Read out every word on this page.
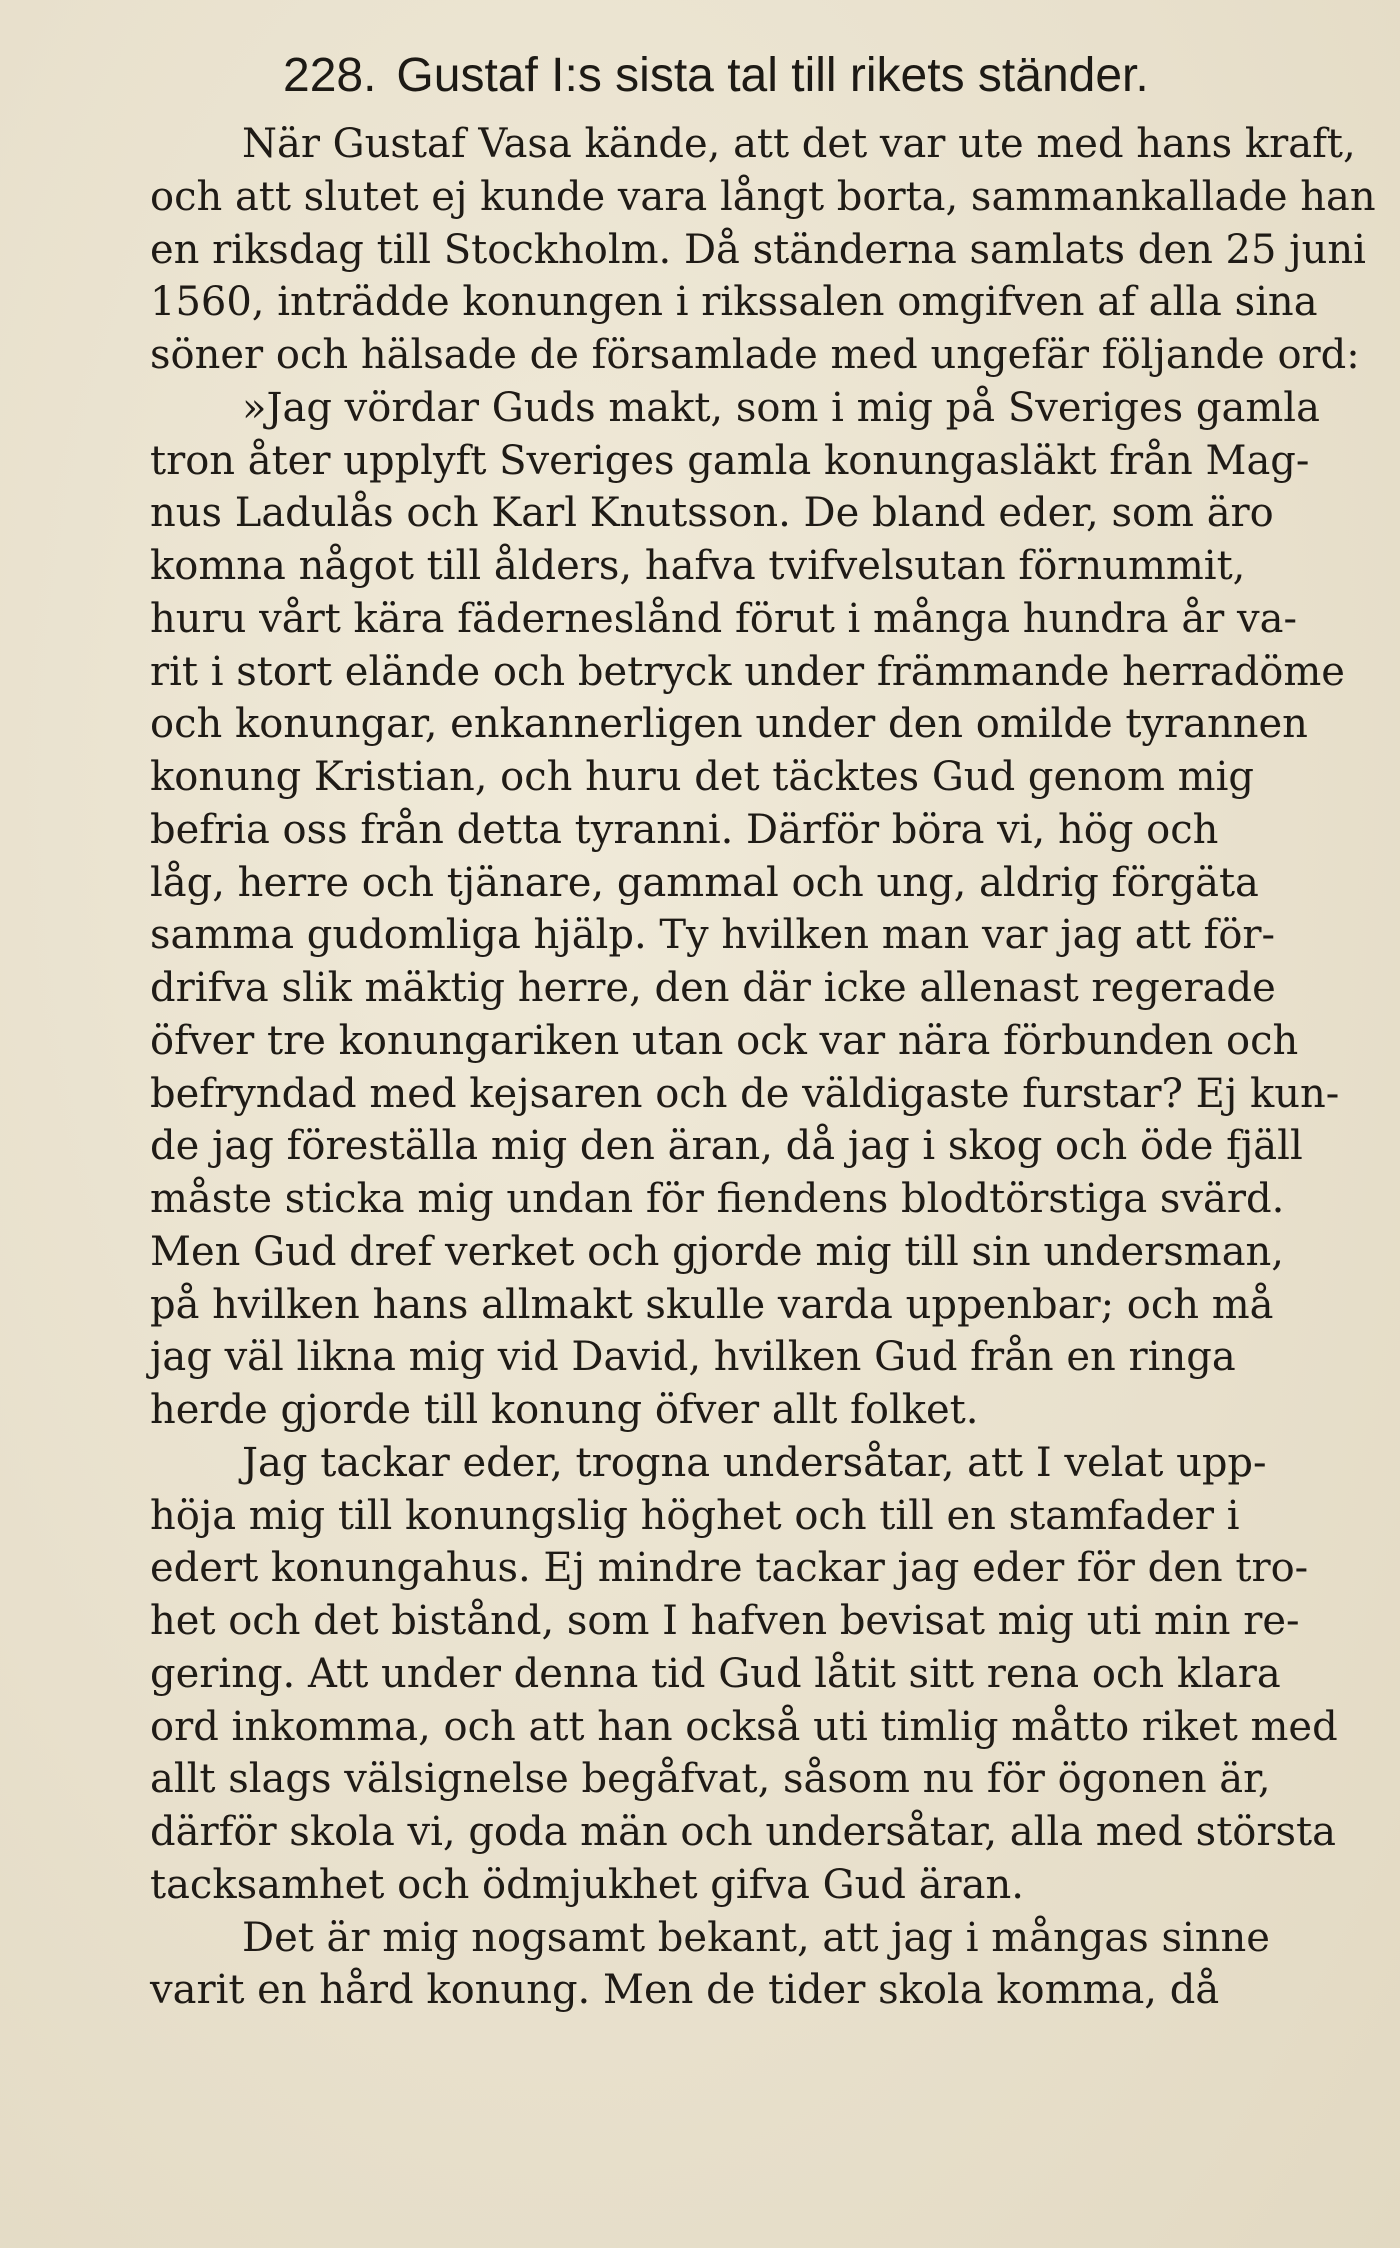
228. Gustaf I:s sista tal till rikets ständer.
När Gustaf Vasa kände, att det var ute med hans kraft,
och att slutet ej kunde vara långt borta, sammankallade han
en riksdag till Stockholm. Då ständerna samlats den 25 juni
1560, inträdde konungen i rikssalen omgifven af alla sina
söner och hälsade de församlade med ungefär följande ord:
»Jag vördar Guds makt, som i mig på Sveriges gamla
tron åter upplyft Sveriges gamla konungasläkt från Mag-
nus Ladulås och Karl Knutsson. De bland eder, som äro
komna något till ålders, hafva tvifvelsutan förnummit,
huru vårt kära fäderneslånd förut i många hundra år va-
rit i stort elände och betryck under främmande herradöme
och konungar, enkannerligen under den omilde tyrannen
konung Kristian, och huru det täcktes Gud genom mig
befria oss från detta tyranni. Därför böra vi, hög och
låg, herre och tjänare, gammal och ung, aldrig förgäta
samma gudomliga hjälp. Ty hvilken man var jag att för-
drifva slik mäktig herre, den där icke allenast regerade
öfver tre konungariken utan ock var nära förbunden och
befryndad med kejsaren och de väldigaste furstar? Ej kun-
de jag föreställa mig den äran, då jag i skog och öde fjäll
måste sticka mig undan för fiendens blodtörstiga svärd.
Men Gud dref verket och gjorde mig till sin undersman,
på hvilken hans allmakt skulle varda uppenbar; och må
jag väl likna mig vid David, hvilken Gud från en ringa
herde gjorde till konung öfver allt folket.
Jag tackar eder, trogna undersåtar, att I velat upp-
höja mig till konungslig höghet och till en stamfader i
edert konungahus. Ej mindre tackar jag eder för den tro-
het och det bistånd, som I hafven bevisat mig uti min re-
gering. Att under denna tid Gud låtit sitt rena och klara
ord inkomma, och att han också uti timlig måtto riket med
allt slags välsignelse begåfvat, såsom nu för ögonen är,
därför skola vi, goda män och undersåtar, alla med största
tacksamhet och ödmjukhet gifva Gud äran.
Det är mig nogsamt bekant, att jag i mångas sinne
varit en hård konung. Men de tider skola komma, då
